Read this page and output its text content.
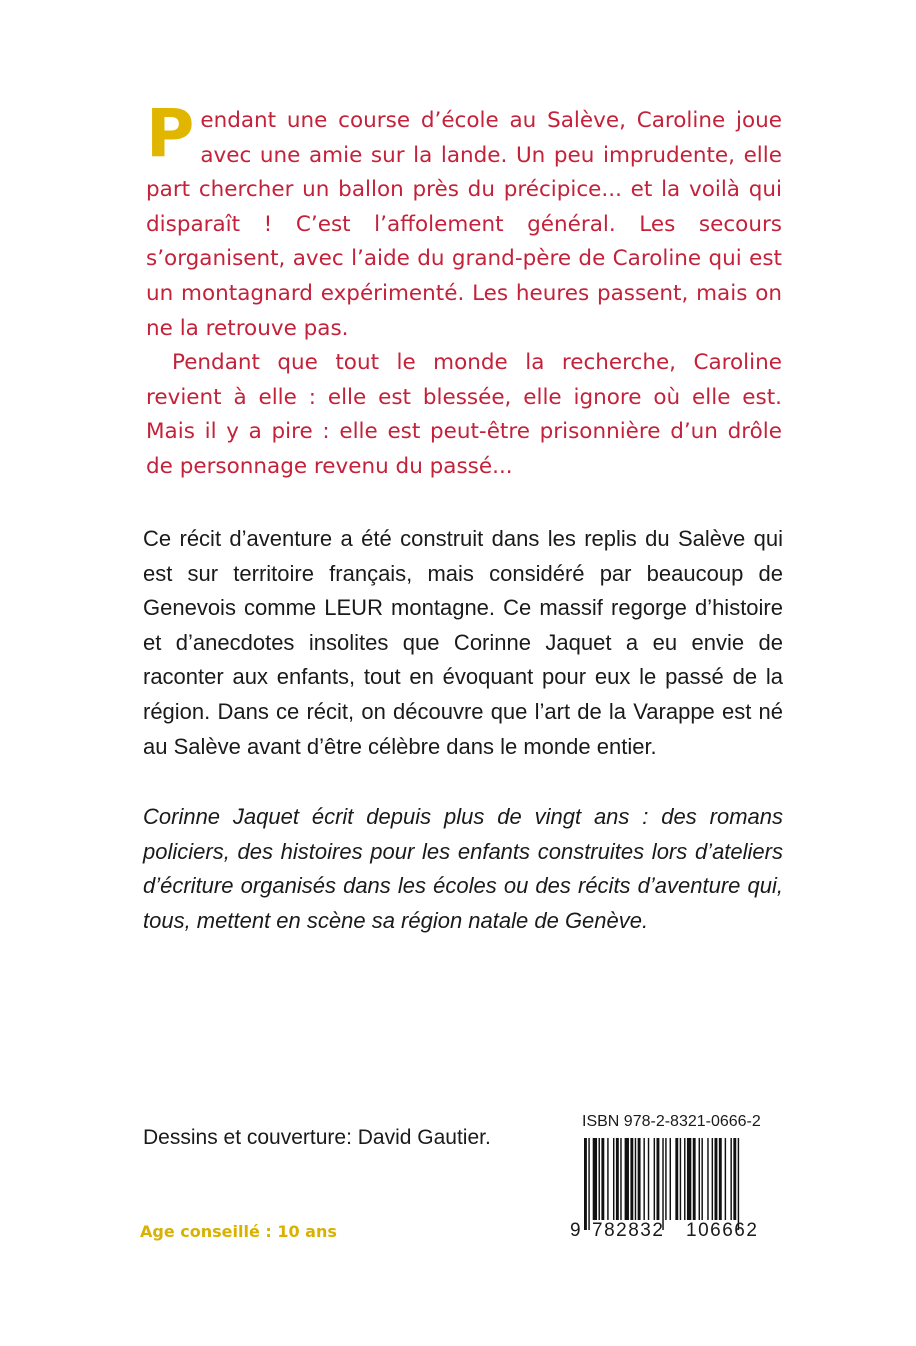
Pendant une course d’école au Salève, Caroline joue avec une amie sur la lande. Un peu imprudente, elle part chercher un ballon près du précipice... et la voilà qui disparaît ! C’est l’affolement général. Les secours s’organisent, avec l’aide du grand-père de Caroline qui est un montagnard expérimenté. Les heures passent, mais on ne la retrouve pas.

Pendant que tout le monde la recherche, Caroline revient à elle : elle est blessée, elle ignore où elle est. Mais il y a pire : elle est peut-être prisonnière d’un drôle de personnage revenu du passé...

Ce récit d’aventure a été construit dans les replis du Salève qui est sur territoire français, mais considéré par beaucoup de Genevois comme LEUR montagne. Ce massif regorge d’histoire et d’anecdotes insolites que Corinne Jaquet a eu envie de raconter aux enfants, tout en évoquant pour eux le passé de la région. Dans ce récit, on découvre que l’art de la Varappe est né au Salève avant d’être célèbre dans le monde entier.

Corinne Jaquet écrit depuis plus de vingt ans : des romans policiers, des histoires pour les enfants construites lors d’ateliers d’écriture organisés dans les écoles ou des récits d’aventure qui, tous, mettent en scène sa région natale de Genève.

Dessins et couverture: David Gautier.

Age conseillé : 10 ans

ISBN 978-2-8321-0666-2
9 782832 106662
